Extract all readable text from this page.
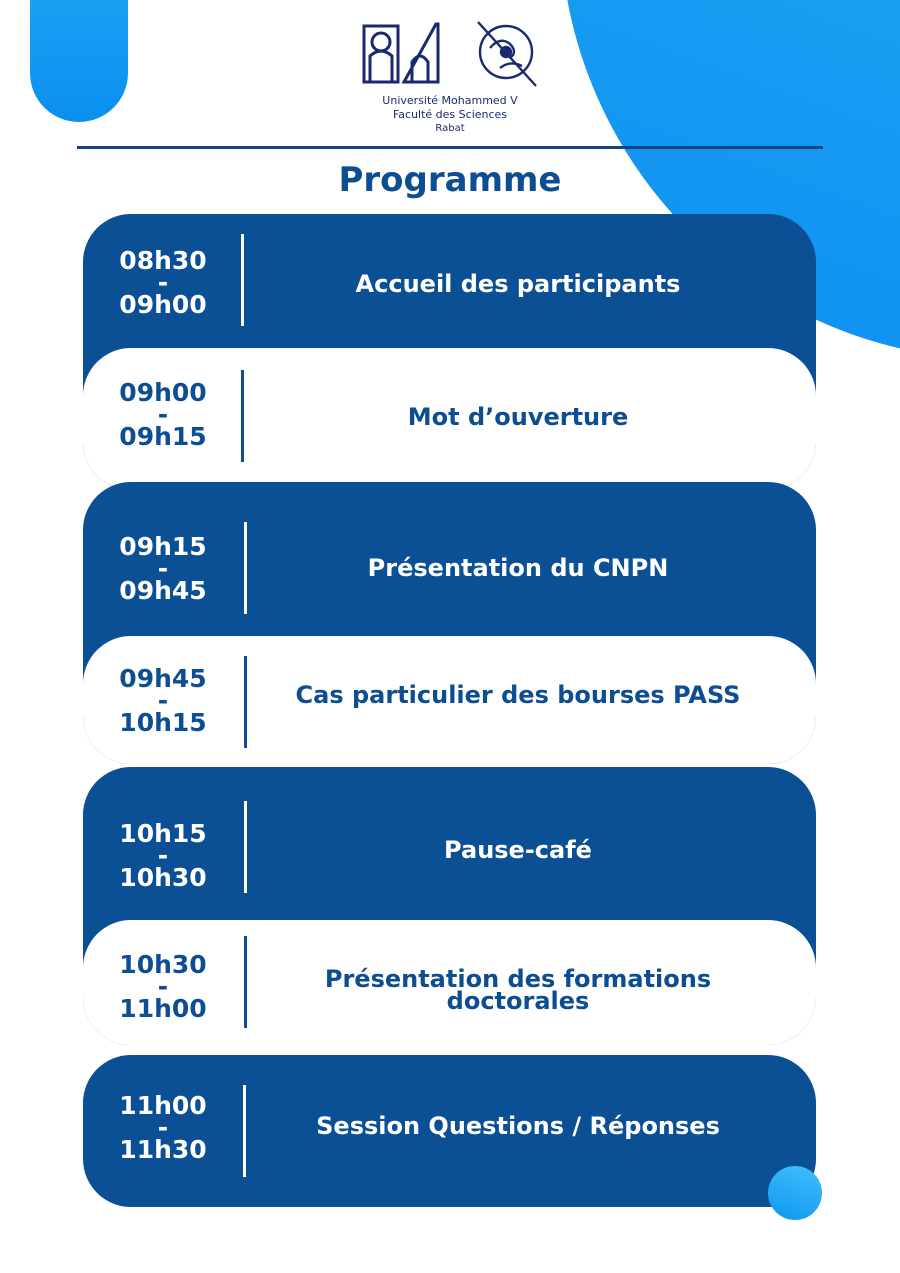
Université Mohammed V
Faculté des Sciences
Rabat
Programme
08h30
-
09h00
Accueil des participants
09h00
-
09h15
Mot d’ouverture
09h15
-
09h45
Présentation du CNPN
09h45
-
10h15
Cas particulier des bourses PASS
10h15
-
10h30
Pause-café
10h30
-
11h00
Présentation des formations doctorales
11h00
-
11h30
Session Questions / Réponses
